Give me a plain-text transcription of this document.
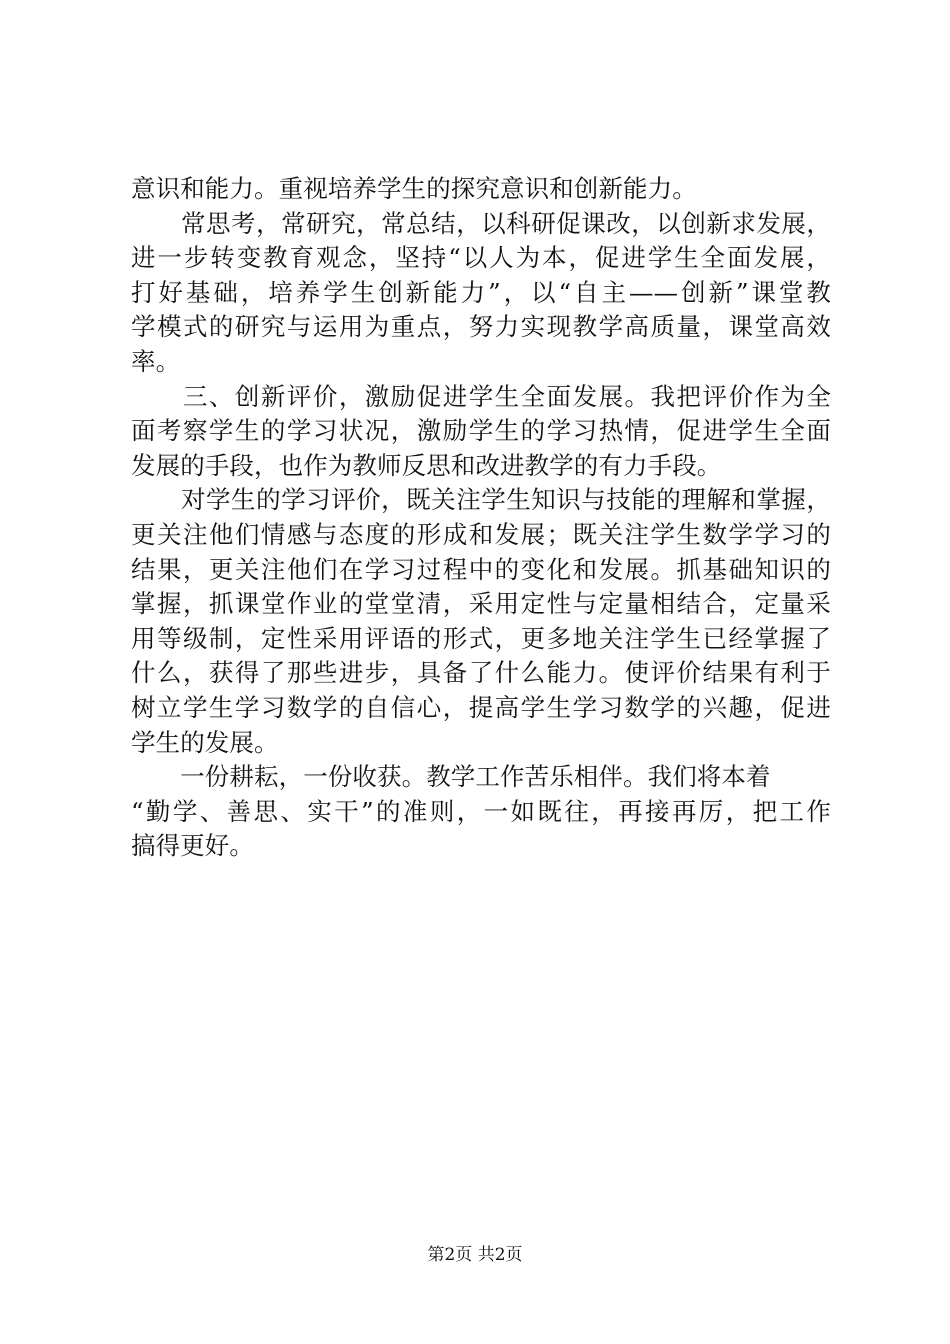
意识和能力。重视培养学生的探究意识和创新能力。
　　常思考，常研究，常总结，以科研促课改，以创新求发展，
进一步转变教育观念，坚持“以人为本，促进学生全面发展，
打好基础，培养学生创新能力”，以“自主——创新”课堂教
学模式的研究与运用为重点，努力实现教学高质量，课堂高效
率。
　　三、创新评价，激励促进学生全面发展。我把评价作为全
面考察学生的学习状况，激励学生的学习热情，促进学生全面
发展的手段，也作为教师反思和改进教学的有力手段。
　　对学生的学习评价，既关注学生知识与技能的理解和掌握，
更关注他们情感与态度的形成和发展；既关注学生数学学习的
结果，更关注他们在学习过程中的变化和发展。抓基础知识的
掌握，抓课堂作业的堂堂清，采用定性与定量相结合，定量采
用等级制，定性采用评语的形式，更多地关注学生已经掌握了
什么，获得了那些进步，具备了什么能力。使评价结果有利于
树立学生学习数学的自信心，提高学生学习数学的兴趣，促进
学生的发展。
　　一份耕耘，一份收获。教学工作苦乐相伴。我们将本着
“勤学、善思、实干”的准则，一如既往，再接再厉，把工作
搞得更好。
第2页 共2页
